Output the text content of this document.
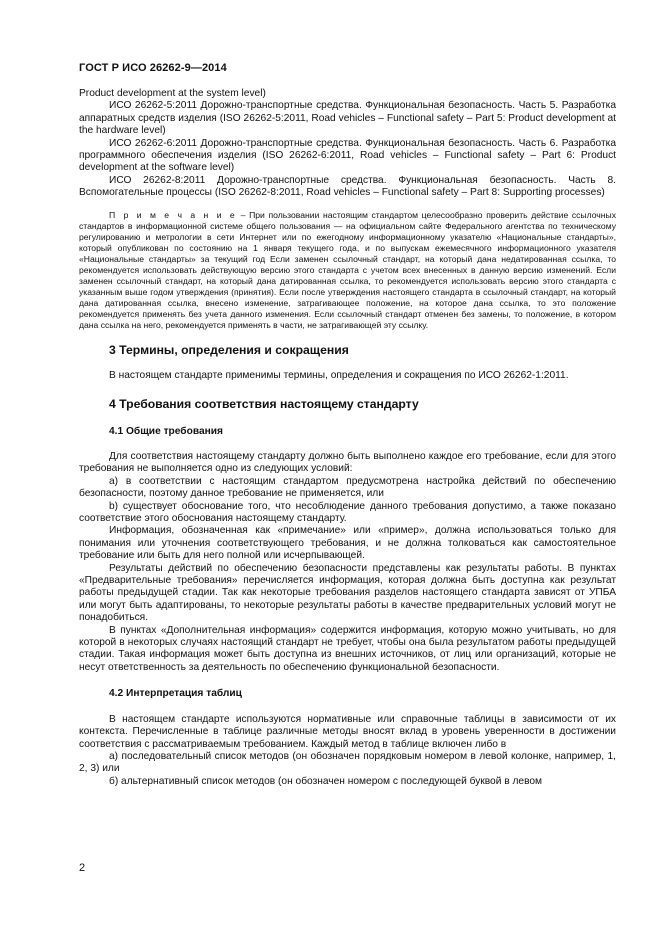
ГОСТ Р ИСО 26262-9—2014

Product development at the system level)

ИСО 26262-5:2011 Дорожно-транспортные средства. Функциональная безопасность. Часть 5. Разработка аппаратных средств изделия (ISO 26262-5:2011, Road vehicles – Functional safety – Part 5: Product development at the hardware level)

ИСО 26262-6:2011 Дорожно-транспортные средства. Функциональная безопасность. Часть 6. Разработка программного обеспечения изделия (ISO 26262-6:2011, Road vehicles – Functional safety – Part 6: Product development at the software level)

ИСО 26262-8:2011 Дорожно-транспортные средства. Функциональная безопасность. Часть 8. Вспомогательные процессы (ISO 26262-8:2011, Road vehicles – Functional safety – Part 8: Supporting processes)

П р и м е ч а н и е – При пользовании настоящим стандартом целесообразно проверить действие ссылочных стандартов в информационной системе общего пользования — на официальном сайте Федерального агентства по техническому регулированию и метрологии в сети Интернет или по ежегодному информационному указателю «Национальные стандарты», который опубликован по состоянию на 1 января текущего года, и по выпускам ежемесячного информационного указателя «Национальные стандарты» за текущий год Если заменен ссылочный стандарт, на который дана недатированная ссылка, то рекомендуется использовать действующую версию этого стандарта с учетом всех внесенных в данную версию изменений. Если заменен ссылочный стандарт, на который дана датированная ссылка, то рекомендуется использовать версию этого стандарта с указанным выше годом утверждения (принятия). Если после утверждения настоящего стандарта в ссылочный стандарт, на который дана датированная ссылка, внесено изменение, затрагивающее положение, на которое дана ссылка, то это положение рекомендуется применять без учета данного изменения. Если ссылочный стандарт отменен без замены, то положение, в котором дана ссылка на него, рекомендуется применять в части, не затрагивающей эту ссылку.

3 Термины, определения и сокращения

В настоящем стандарте применимы термины, определения и сокращения по ИСО 26262-1:2011.

4 Требования соответствия настоящему стандарту
4.1 Общие требования

Для соответствия настоящему стандарту должно быть выполнено каждое его требование, если для этого требования не выполняется одно из следующих условий:

а) в соответствии с настоящим стандартом предусмотрена настройка действий по обеспечению безопасности, поэтому данное требование не применяется, или

b) существует обоснование того, что несоблюдение данного требования допустимо, а также показано соответствие этого обоснования настоящему стандарту.

Информация, обозначенная как «примечание» или «пример», должна использоваться только для понимания или уточнения соответствующего требования, и не должна толковаться как самостоятельное требование или быть для него полной или исчерпывающей.

Результаты действий по обеспечению безопасности представлены как результаты работы. В пунктах «Предварительные требования» перечисляется информация, которая должна быть доступна как результат работы предыдущей стадии. Так как некоторые требования разделов настоящего стандарта зависят от УПБА или могут быть адаптированы, то некоторые результаты работы в качестве предварительных условий могут не понадобиться.

В пунктах «Дополнительная информация» содержится информация, которую можно учитывать, но для которой в некоторых случаях настоящий стандарт не требует, чтобы она была результатом работы предыдущей стадии. Такая информация может быть доступна из внешних источников, от лиц или организаций, которые не несут ответственность за деятельность по обеспечению функциональной безопасности.

4.2 Интерпретация таблиц

В настоящем стандарте используются нормативные или справочные таблицы в зависимости от их контекста. Перечисленные в таблице различные методы вносят вклад в уровень уверенности в достижении соответствия с рассматриваемым требованием. Каждый метод в таблице включен либо в

а) последовательный список методов (он обозначен порядковым номером в левой колонке, например, 1, 2, 3) или

б) альтернативный список методов (он обозначен номером с последующей буквой в левом

2
